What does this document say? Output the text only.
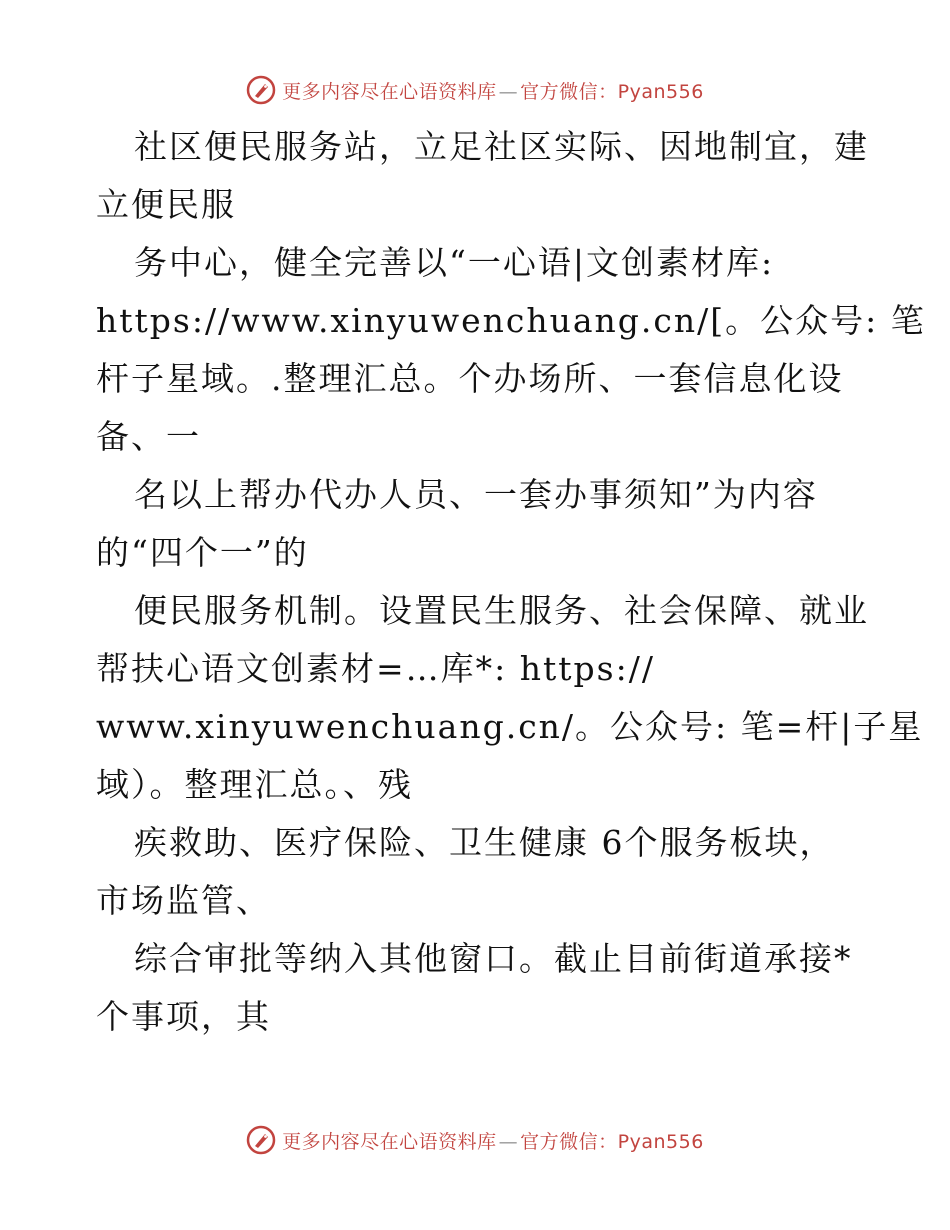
更多内容尽在心语资料库 — 官方微信：Pyan556
社区便民服务站，立足社区实际、因地制宜，建
立便民服
务中心，健全完善以“一心语|文创素材库:
https://www.xinyuwenchuang.cn/[。公众号: 笔
杆子星域。.整理汇总。个办场所、一套信息化设
备、一
名以上帮办代办人员、一套办事须知”为内容
的“四个一”的
便民服务机制。设置民生服务、社会保障、就业
帮扶心语文创素材=…库*: https://
www.xinyuwenchuang.cn/。公众号: 笔=杆|子星
域）。整理汇总。、残
疾救助、医疗保险、卫生健康 6个服务板块，
市场监管、
综合审批等纳入其他窗口。截止目前街道承接*
个事项，其
更多内容尽在心语资料库 — 官方微信：Pyan556
